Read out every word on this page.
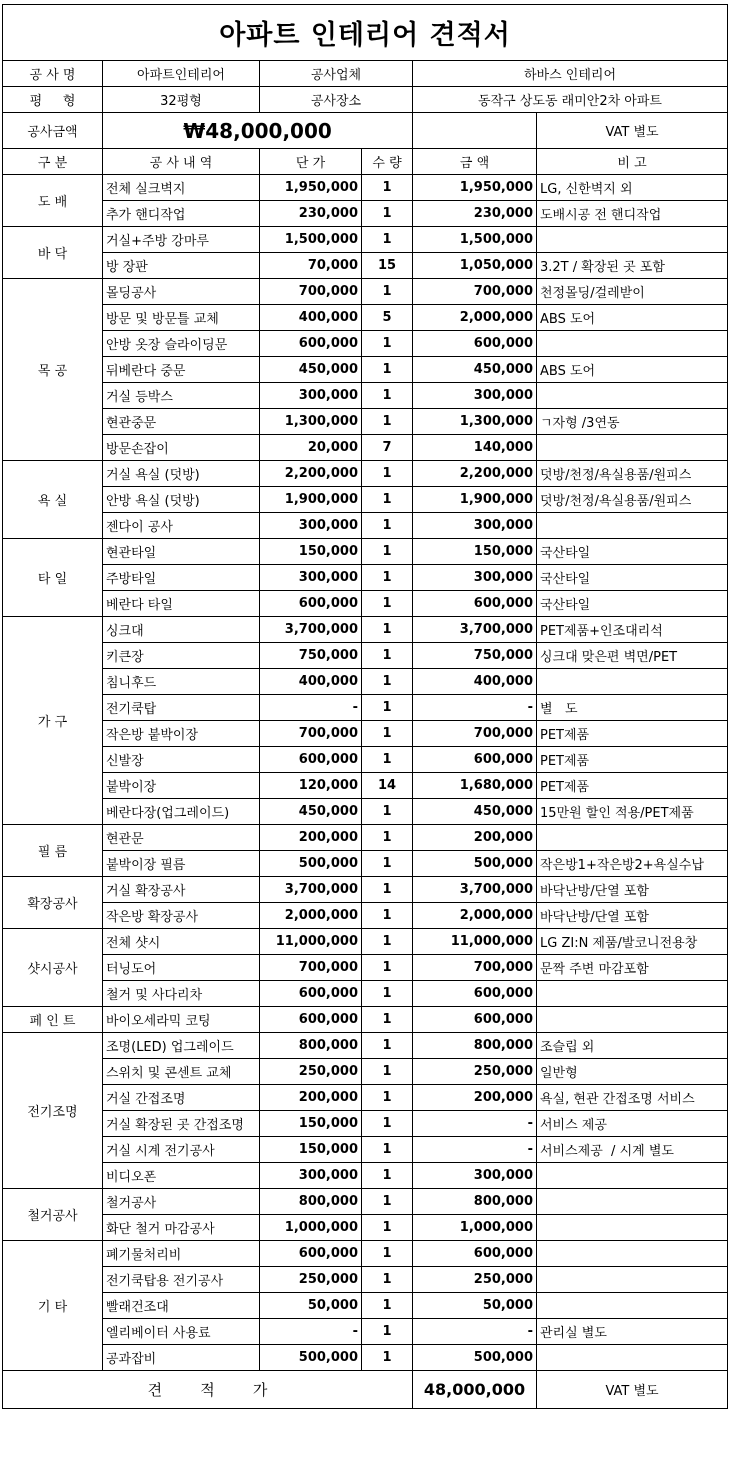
아파트 인테리어 견적서					
공 사 명	아파트인테리어	공사업체		하바스 인테리어	
평     형	32평형	공사장소		동작구 상도동 래미안2차 아파트	
공사금액	₩48,000,000				VAT 별도
구 분	공 사 내 역	단 가	수 량	금 액	비 고
도 배	전체 실크벽지	1,950,000	1	1,950,000	LG, 신한벽지 외
	추가 핸디작업	230,000	1	230,000	도배시공 전 핸디작업
바 닥	거실+주방 강마루	1,500,000	1	1,500,000	
	방 장판	70,000	15	1,050,000	3.2T / 확장된 곳 포함
목 공	몰딩공사	700,000	1	700,000	천정몰딩/걸레받이
	방문 및 방문틀 교체	400,000	5	2,000,000	ABS 도어
	안방 옷장 슬라이딩문	600,000	1	600,000	
	뒤베란다 중문	450,000	1	450,000	ABS 도어
	거실 등박스	300,000	1	300,000	
	현관중문	1,300,000	1	1,300,000	ㄱ자형 /3연동
	방문손잡이	20,000	7	140,000	
욕 실	거실 욕실 (덧방)	2,200,000	1	2,200,000	덧방/천정/욕실용품/원피스
	안방 욕실 (덧방)	1,900,000	1	1,900,000	덧방/천정/욕실용품/원피스
	젠다이 공사	300,000	1	300,000	
타 일	현관타일	150,000	1	150,000	국산타일
	주방타일	300,000	1	300,000	국산타일
	베란다 타일	600,000	1	600,000	국산타일
가 구	싱크대	3,700,000	1	3,700,000	PET제품+인조대리석
	키큰장	750,000	1	750,000	싱크대 맞은편 벽면/PET
	침니후드	400,000	1	400,000	
	전기쿡탑	-	1	-	별   도
	작은방 붙박이장	700,000	1	700,000	PET제품
	신발장	600,000	1	600,000	PET제품
	붙박이장	120,000	14	1,680,000	PET제품
	베란다장(업그레이드)	450,000	1	450,000	15만원 할인 적용/PET제품
필 름	현관문	200,000	1	200,000	
	붙박이장 필름	500,000	1	500,000	작은방1+작은방2+욕실수납
확장공사	거실 확장공사	3,700,000	1	3,700,000	바닥난방/단열 포함
	작은방 확장공사	2,000,000	1	2,000,000	바닥난방/단열 포함
샷시공사	전체 샷시	11,000,000	1	11,000,000	LG ZI:N 제품/발코니전용창
	터닝도어	700,000	1	700,000	문짝 주변 마감포함
	철거 및 사다리차	600,000	1	600,000	
페 인 트	바이오세라믹 코팅	600,000	1	600,000	
전기조명	조명(LED) 업그레이드	800,000	1	800,000	조슬립 외
	스위치 및 콘센트 교체	250,000	1	250,000	일반형
	거실 간접조명	200,000	1	200,000	욕실, 현관 간접조명 서비스
	거실 확장된 곳 간접조명	150,000	1	-	서비스 제공
	거실 시계 전기공사	150,000	1	-	서비스제공  / 시계 별도
	비디오폰	300,000	1	300,000	
철거공사	철거공사	800,000	1	800,000	
	화단 철거 마감공사	1,000,000	1	1,000,000	
기 타	폐기물처리비	600,000	1	600,000	
	전기쿡탑용 전기공사	250,000	1	250,000	
	빨래건조대	50,000	1	50,000	
	엘리베이터 사용료	-	1	-	관리실 별도
	공과잡비	500,000	1	500,000	
견        적        가				48,000,000	VAT 별도
